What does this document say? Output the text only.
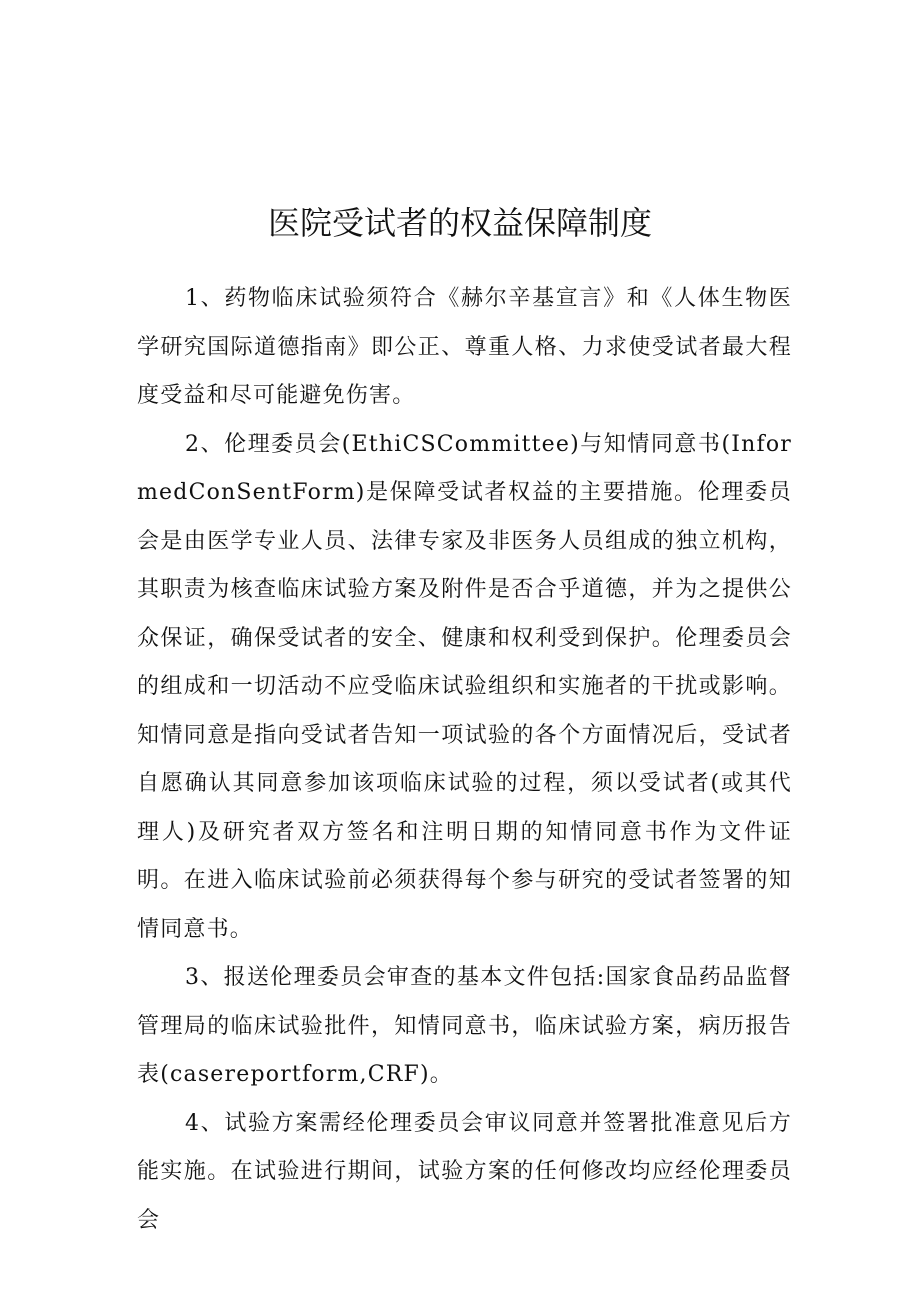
医院受试者的权益保障制度

1、药物临床试验须符合《赫尔辛基宣言》和《人体生物医学研究国际道德指南》即公正、尊重人格、力求使受试者最大程度受益和尽可能避免伤害。

2、伦理委员会(EthiCSCommittee)与知情同意书(InformedConSentForm)是保障受试者权益的主要措施。伦理委员会是由医学专业人员、法律专家及非医务人员组成的独立机构，其职责为核查临床试验方案及附件是否合乎道德，并为之提供公众保证，确保受试者的安全、健康和权利受到保护。伦理委员会的组成和一切活动不应受临床试验组织和实施者的干扰或影响。知情同意是指向受试者告知一项试验的各个方面情况后，受试者自愿确认其同意参加该项临床试验的过程，须以受试者(或其代理人)及研究者双方签名和注明日期的知情同意书作为文件证明。在进入临床试验前必须获得每个参与研究的受试者签署的知情同意书。

3、报送伦理委员会审查的基本文件包括:国家食品药品监督管理局的临床试验批件，知情同意书，临床试验方案，病历报告表(casereportform,CRF)。

4、试验方案需经伦理委员会审议同意并签署批准意见后方能实施。在试验进行期间，试验方案的任何修改均应经伦理委员会
